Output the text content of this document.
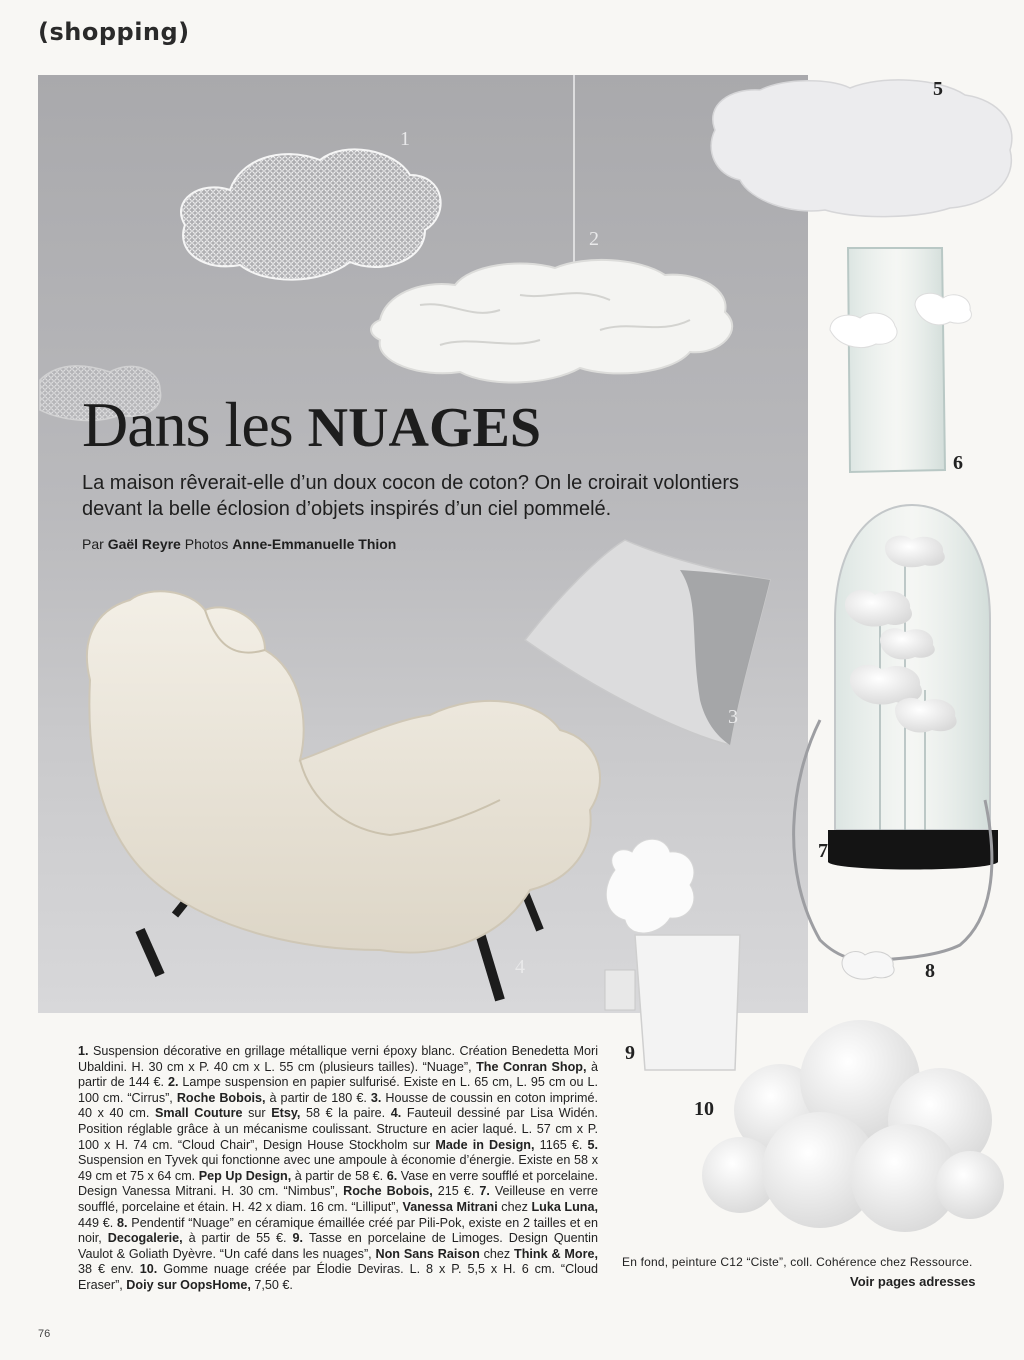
(shopping)
1
2
3
4
5
6
7
8
9
10
Dans les NUAGES
La maison rêverait-elle d’un doux cocon de coton? On le croirait volontiers devant la belle éclosion d’objets inspirés d’un ciel pommelé.
Par Gaël Reyre Photos Anne-Emmanuelle Thion
1. Suspension décorative en grillage métallique verni époxy blanc. Création Benedetta Mori Ubaldini. H. 30 cm x P. 40 cm x L. 55 cm (plusieurs tailles). “Nuage”, The Conran Shop, à partir de 144 €. 2. Lampe suspension en papier sulfurisé. Existe en L. 65 cm, L. 95 cm ou L. 100 cm. “Cirrus”, Roche Bobois, à partir de 180 €. 3. Housse de coussin en coton imprimé. 40 x 40 cm. Small Couture sur Etsy, 58 € la paire. 4. Fauteuil dessiné par Lisa Widén. Position réglable grâce à un mécanisme coulissant. Structure en acier laqué. L. 57 cm x P. 100 x H. 74 cm. “Cloud Chair”, Design House Stockholm sur Made in Design, 1165 €. 5. Suspension en Tyvek qui fonctionne avec une ampoule à économie d’énergie. Existe en 58 x 49 cm et 75 x 64 cm. Pep Up Design, à partir de 58 €. 6. Vase en verre soufflé et porcelaine. Design Vanessa Mitrani. H. 30 cm. “Nimbus”, Roche Bobois, 215 €. 7. Veilleuse en verre soufflé, porcelaine et étain. H. 42 x diam. 16 cm. “Lilliput”, Vanessa Mitrani chez Luka Luna, 449 €. 8. Pendentif “Nuage” en céramique émaillée créé par Pili-Pok, existe en 2 tailles et en noir, Decogalerie, à partir de 55 €. 9. Tasse en porcelaine de Limoges. Design Quentin Vaulot & Goliath Dyèvre. “Un café dans les nuages”, Non Sans Raison chez Think & More, 38 € env. 10. Gomme nuage créée par Élodie Deviras. L. 8 x P. 5,5 x H. 6 cm. “Cloud Eraser”, Doiy sur OopsHome, 7,50 €.
En fond, peinture C12 “Ciste”, coll. Cohérence chez Ressource.
Voir pages adresses
76
